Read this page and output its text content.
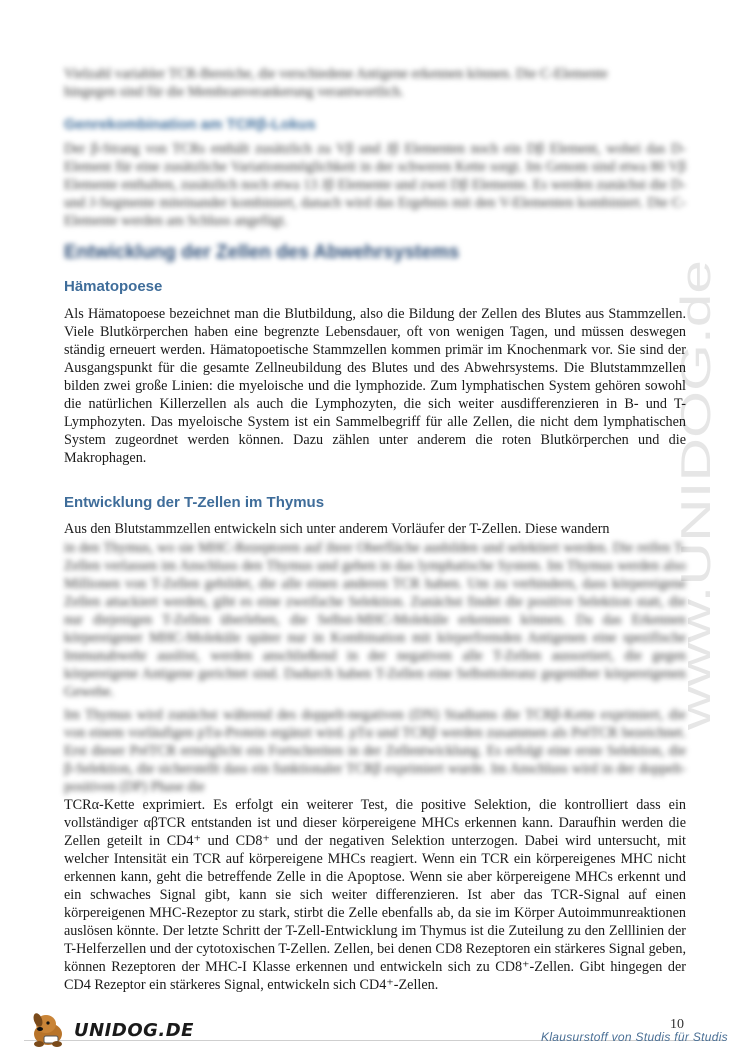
www.UNIDOG.de

Vielzahl variabler TCR-Bereiche, die verschiedene Antigene erkennen können. Die C-Elemente

hingegen sind für die Membranverankerung verantwortlich.

Genrekombination am TCRβ-Lokus

Der β-Strang von TCRs enthält zusätzlich zu Vβ und Jβ Elementen noch ein Dβ Element, wobei das D-Element für eine zusätzliche Variationsmöglichkeit in der schweren Kette sorgt. Im Genom sind etwa 80 Vβ Elemente enthalten, zusätzlich noch etwa 13 Jβ Elemente und zwei Dβ Elemente. Es werden zunächst die D- und J-Segmente miteinander kombiniert, danach wird das Ergebnis mit den V-Elementen kombiniert. Die C-Elemente werden am Schluss angefügt.

Entwicklung der Zellen des Abwehrsystems
Hämatopoese

Als Hämatopoese bezeichnet man die Blutbildung, also die Bildung der Zellen des Blutes aus Stammzellen. Viele Blutkörperchen haben eine begrenzte Lebensdauer, oft von wenigen Tagen, und müssen deswegen ständig erneuert werden. Hämatopoetische Stammzellen kommen primär im Knochenmark vor. Sie sind der Ausgangspunkt für die gesamte Zellneubildung des Blutes und des Abwehrsystems. Die Blutstammzellen bilden zwei große Linien: die myeloische und die lymphozide. Zum lymphatischen System gehören sowohl die natürlichen Killerzellen als auch die Lymphozyten, die sich weiter ausdifferenzieren in B- und T-Lymphozyten. Das myeloische System ist ein Sammelbegriff für alle Zellen, die nicht dem lymphatischen System zugeordnet werden können. Dazu zählen unter anderem die roten Blutkörperchen und die Makrophagen.

Entwicklung der T-Zellen im Thymus

Aus den Blutstammzellen entwickeln sich unter anderem Vorläufer der T-Zellen. Diese wandern

in den Thymus, wo sie MHC-Rezeptoren auf ihrer Oberfläche ausbilden und selektiert werden. Die reifen T-Zellen verlassen im Anschluss den Thymus und gehen in das lymphatische System. Im Thymus werden also Millionen von T-Zellen gebildet, die alle einen anderen TCR haben. Um zu verhindern, dass körpereigene Zellen attackiert werden, gibt es eine zweifache Selektion. Zunächst findet die positive Selektion statt, die nur diejenigen T-Zellen überleben, die Selbst-MHC-Moleküle erkennen können. Da das Erkennen körpereigener MHC-Moleküle später nur in Kombination mit körperfremden Antigenen eine spezifische Immunabwehr auslöst, werden anschließend in der negativen alle T-Zellen aussortiert, die gegen körpereigene Antigene gerichtet sind. Dadurch haben T-Zellen eine Selbsttoleranz gegenüber körpereigenen Gewebe.

Im Thymus wird zunächst während des doppelt-negativen (DN) Stadiums die TCRβ-Kette exprimiert, die von einem vorläufigen pTα-Protein ergänzt wird. pTα und TCRβ werden zusammen als PréTCR bezeichnet. Erst dieser PréTCR ermöglicht ein Fortschreiten in der Zellentwicklung. Es erfolgt eine erste Selektion, die β-Selektion, die sicherstellt dass ein funktionaler TCRβ exprimiert wurde. Im Anschluss wird in der doppelt-positiven (DP) Phase die

TCRα-Kette exprimiert. Es erfolgt ein weiterer Test, die positive Selektion, die kontrolliert dass ein vollständiger αβTCR entstanden ist und dieser körpereigene MHCs erkennen kann. Daraufhin werden die Zellen geteilt in CD4⁺ und CD8⁺ und der negativen Selektion unterzogen. Dabei wird untersucht, mit welcher Intensität ein TCR auf körpereigene MHCs reagiert. Wenn ein TCR ein körpereigenes MHC nicht erkennen kann, geht die betreffende Zelle in die Apoptose. Wenn sie aber körpereigene MHCs erkennt und ein schwaches Signal gibt, kann sie sich weiter differenzieren. Ist aber das TCR-Signal auf einen körpereigenen MHC-Rezeptor zu stark, stirbt die Zelle ebenfalls ab, da sie im Körper Autoimmunreaktionen auslösen könnte. Der letzte Schritt der T-Zell-Entwicklung im Thymus ist die Zuteilung zu den Zelllinien der T-Helferzellen und der cytotoxischen T-Zellen. Zellen, bei denen CD8 Rezeptoren ein stärkeres Signal geben, können Rezeptoren der MHC-I Klasse erkennen und entwickeln sich zu CD8⁺-Zellen. Gibt hingegen der CD4 Rezeptor ein stärkeres Signal, entwickeln sich CD4⁺-Zellen.

10
Klausurstoff von Studis für Studis
UNIDOG.DE
